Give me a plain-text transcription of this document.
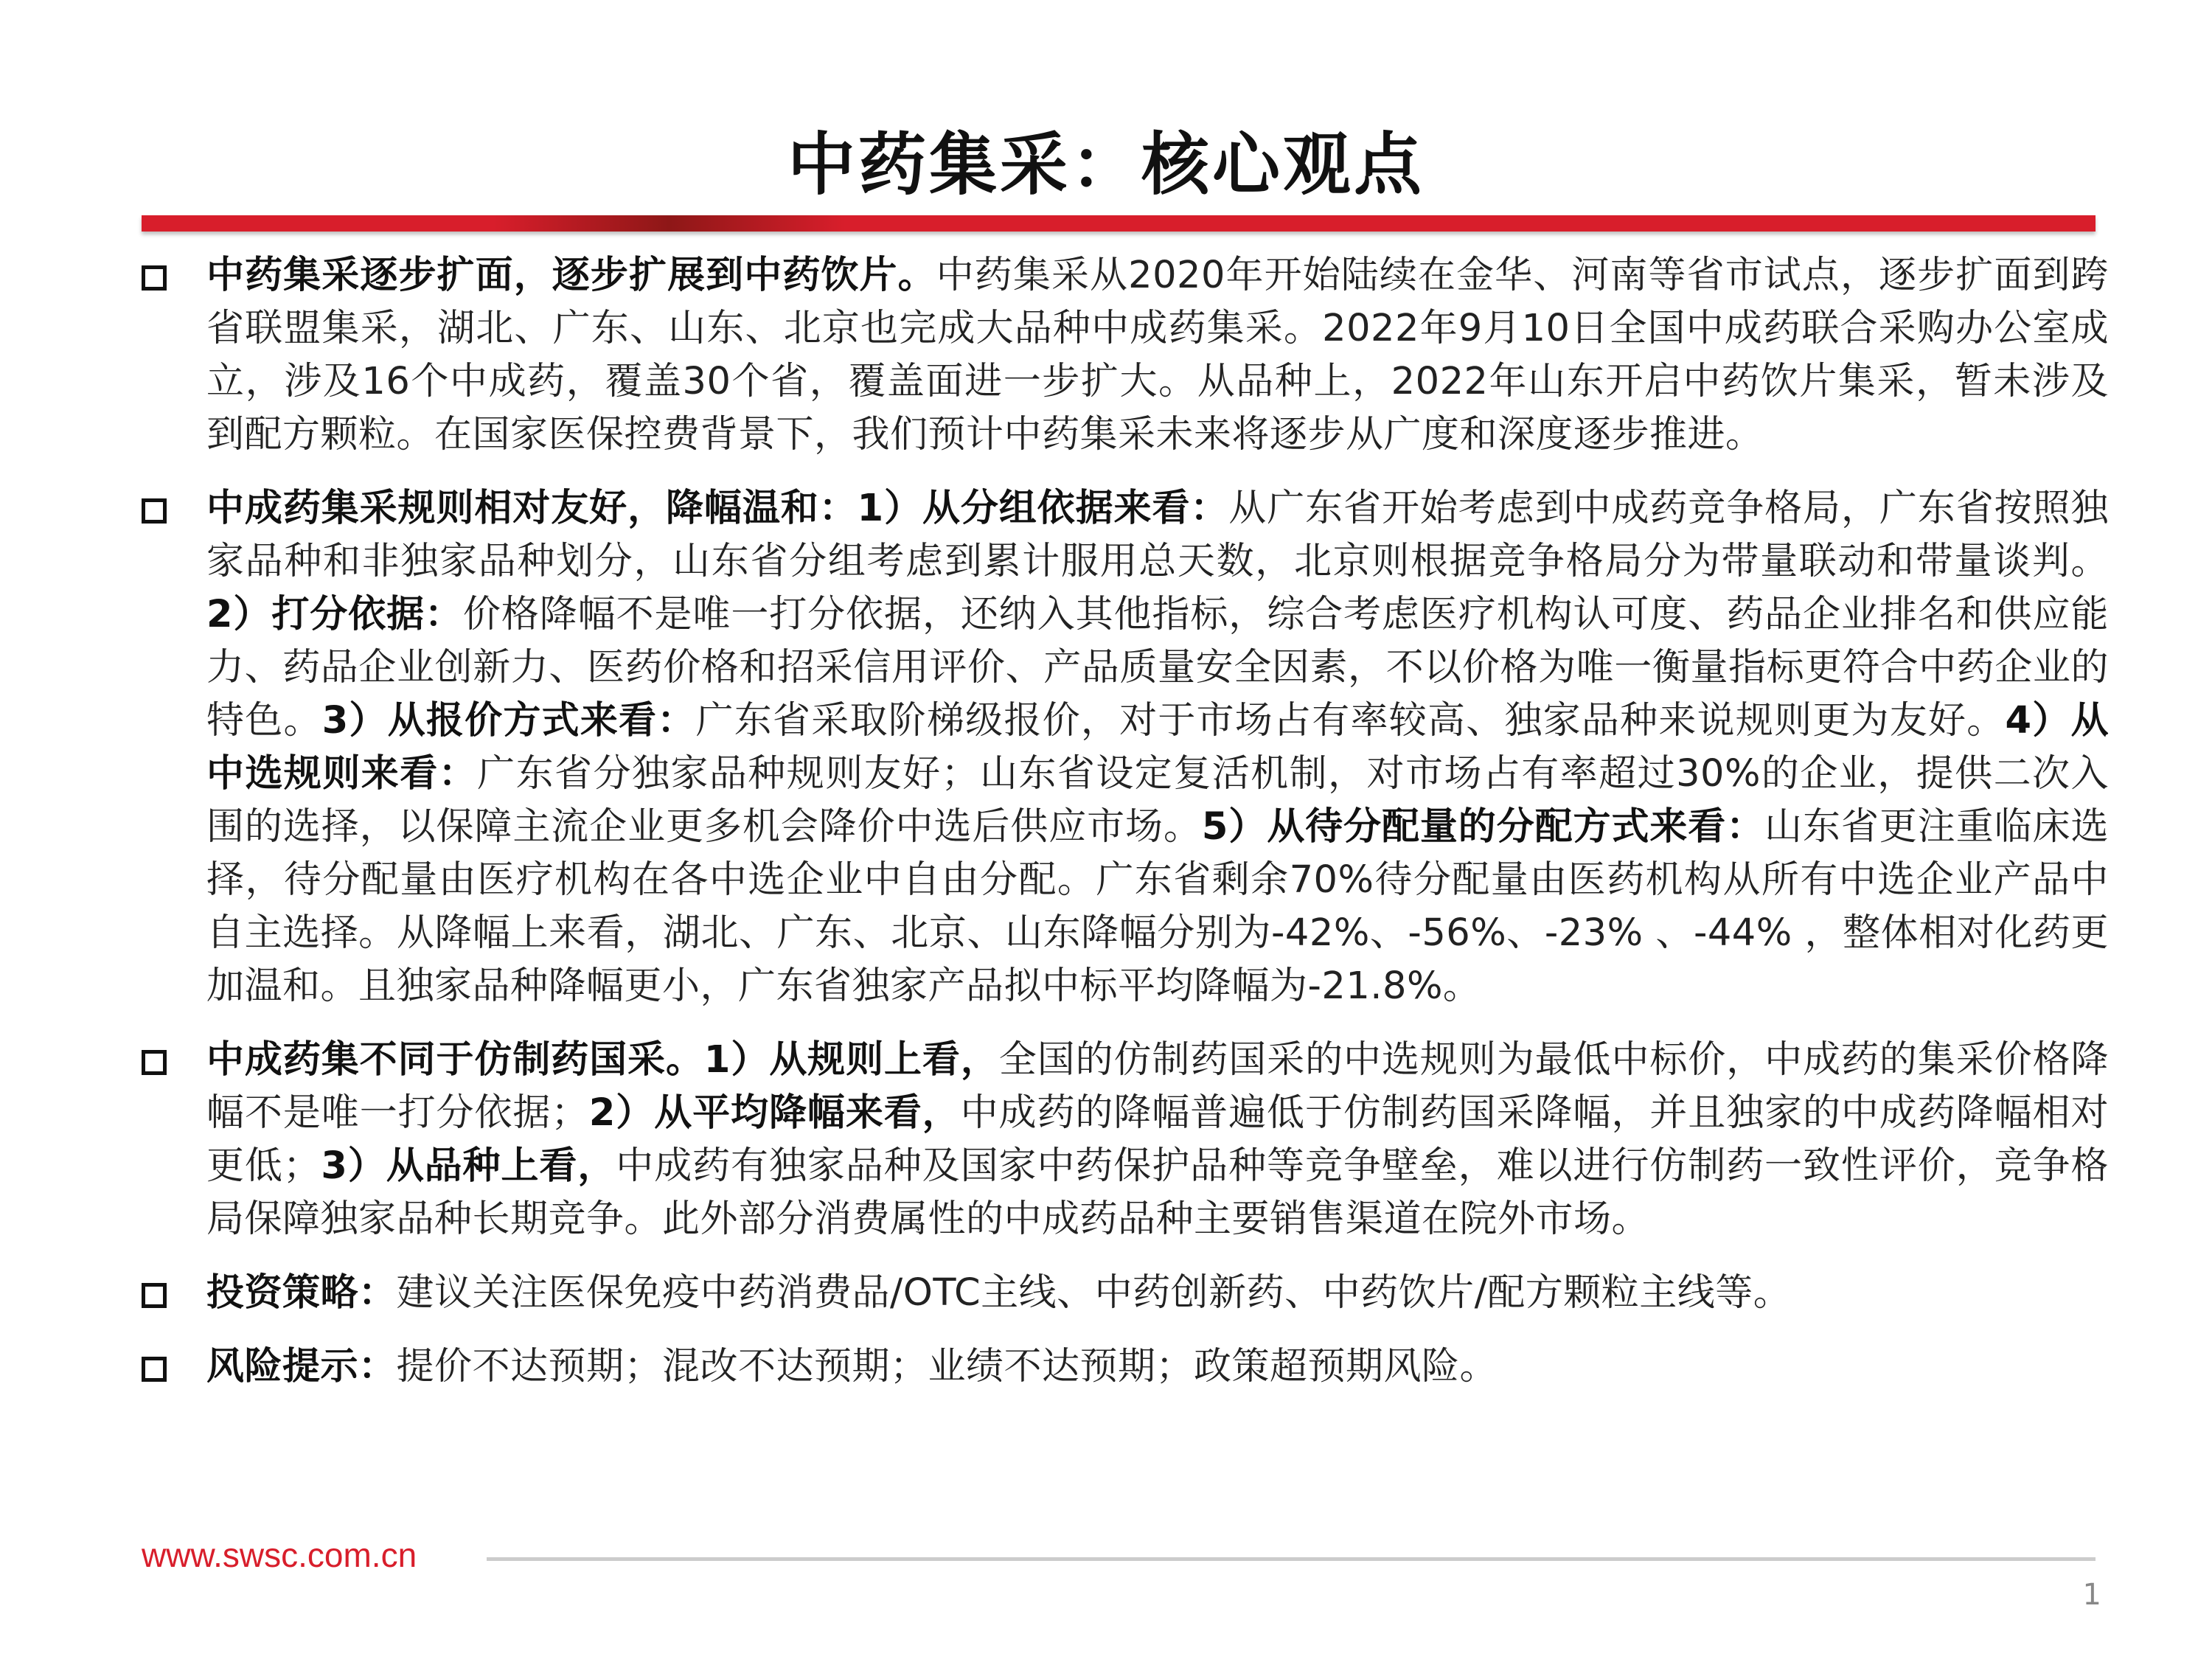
中药集采：核心观点

中药集采逐步扩面，逐步扩展到中药饮片。中药集采从2020年开始陆续在金华、河南等省市试点，逐步扩面到跨省联盟集采，湖北、广东、山东、北京也完成大品种中成药集采。2022年9月10日全国中成药联合采购办公室成立，涉及16个中成药，覆盖30个省，覆盖面进一步扩大。从品种上，2022年山东开启中药饮片集采，暂未涉及到配方颗粒。在国家医保控费背景下，我们预计中药集采未来将逐步从广度和深度逐步推进。

中成药集采规则相对友好，降幅温和：1）从分组依据来看：从广东省开始考虑到中成药竞争格局，广东省按照独家品种和非独家品种划分，山东省分组考虑到累计服用总天数，北京则根据竞争格局分为带量联动和带量谈判。2）打分依据：价格降幅不是唯一打分依据，还纳入其他指标，综合考虑医疗机构认可度、药品企业排名和供应能力、药品企业创新力、医药价格和招采信用评价、产品质量安全因素，不以价格为唯一衡量指标更符合中药企业的特色。3）从报价方式来看：广东省采取阶梯级报价，对于市场占有率较高、独家品种来说规则更为友好。4）从中选规则来看：广东省分独家品种规则友好；山东省设定复活机制，对市场占有率超过30%的企业，提供二次入围的选择，以保障主流企业更多机会降价中选后供应市场。5）从待分配量的分配方式来看：山东省更注重临床选择，待分配量由医疗机构在各中选企业中自由分配。广东省剩余70%待分配量由医药机构从所有中选企业产品中自主选择。从降幅上来看，湖北、广东、北京、山东降幅分别为-42%、-56%、-23% 、-44% ，整体相对化药更加温和。且独家品种降幅更小，广东省独家产品拟中标平均降幅为-21.8%。

中成药集不同于仿制药国采。1）从规则上看，全国的仿制药国采的中选规则为最低中标价，中成药的集采价格降幅不是唯一打分依据；2）从平均降幅来看，中成药的降幅普遍低于仿制药国采降幅，并且独家的中成药降幅相对更低；3）从品种上看，中成药有独家品种及国家中药保护品种等竞争壁垒，难以进行仿制药一致性评价，竞争格局保障独家品种长期竞争。此外部分消费属性的中成药品种主要销售渠道在院外市场。

投资策略：建议关注医保免疫中药消费品/OTC主线、中药创新药、中药饮片/配方颗粒主线等。

风险提示：提价不达预期；混改不达预期；业绩不达预期；政策超预期风险。

www.swsc.com.cn
1
